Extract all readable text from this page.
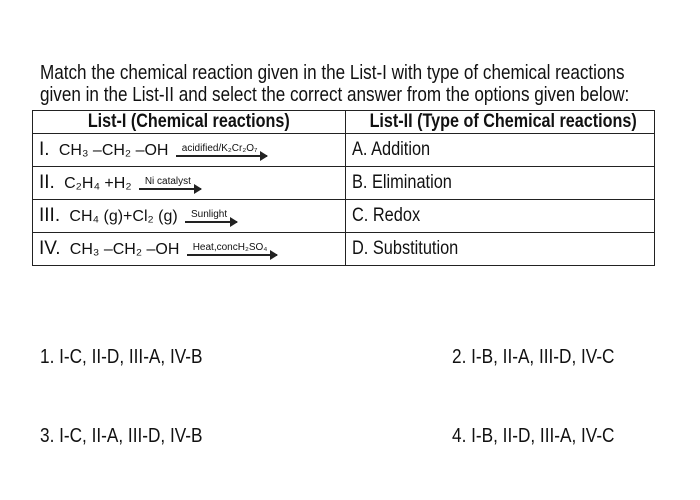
Match the chemical reaction given in the List-I with type of chemical reactions
given in the List-II and select the correct answer from the options given below:
List-I (Chemical reactions)	List-II (Type of Chemical reactions)
I. CH₃ –CH₂ –OH acidified/K₂Cr₂O₇	A. Addition
II. C₂H₄ +H₂ Ni catalyst	B. Elimination
III. CH₄ (g)+Cl₂ (g) Sunlight	C. Redox
IV. CH₃ –CH₂ –OH Heat,concH₂SO₄	D. Substitution
1. I-C, II-D, III-A, IV-B	2. I-B, II-A, III-D, IV-C
3. I-C, II-A, III-D, IV-B	4. I-B, II-D, III-A, IV-C
